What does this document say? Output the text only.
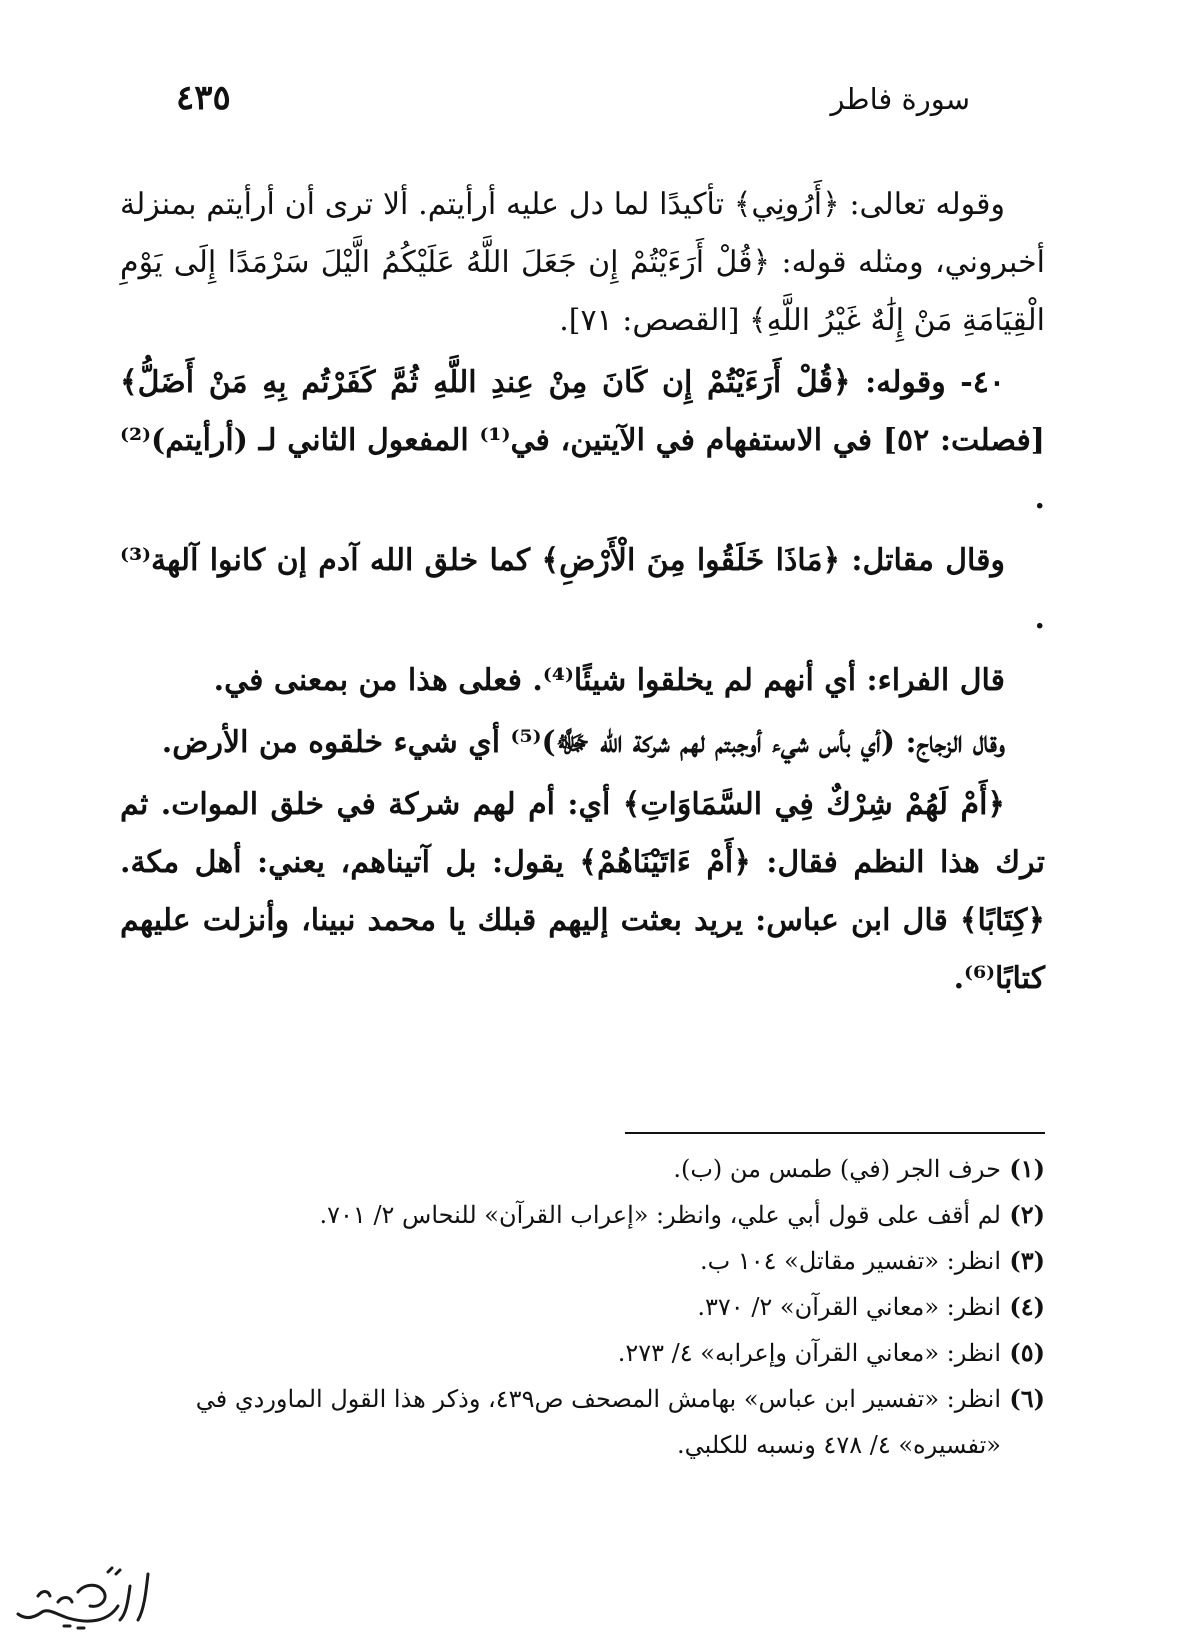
سورة فاطر
٤٣٥

وقوله تعالى: ﴿أَرُونِي﴾ تأكيدًا لما دل عليه أرأيتم. ألا ترى أن أرأيتم بمنزلة أخبروني، ومثله قوله: ﴿قُلْ أَرَءَيْتُمْ إِن جَعَلَ اللَّهُ عَلَيْكُمُ الَّيْلَ سَرْمَدًا إِلَى يَوْمِ الْقِيَامَةِ مَنْ إِلَٰهٌ غَيْرُ اللَّهِ﴾ [القصص: ٧١].

٤٠- وقوله: ﴿قُلْ أَرَءَيْتُمْ إِن كَانَ مِنْ عِندِ اللَّهِ ثُمَّ كَفَرْتُم بِهِ مَنْ أَضَلُّ﴾ [فصلت: ٥٢] في الاستفهام في الآيتين، في⁽¹⁾ المفعول الثاني لـ (أرأيتم)⁽²⁾ .

وقال مقاتل: ﴿مَاذَا خَلَقُوا مِنَ الْأَرْضِ﴾ كما خلق الله آدم إن كانوا آلهة⁽³⁾ .

قال الفراء: أي أنهم لم يخلقوا شيئًا⁽⁴⁾. فعلى هذا من بمعنى في.

وقال الزجاج: (أي بأس شيء أوجبتم لهم شركة الله ﷻ)⁽⁵⁾ أي شيء خلقوه من الأرض.

﴿أَمْ لَهُمْ شِرْكٌ فِي السَّمَاوَاتِ﴾ أي: أم لهم شركة في خلق الموات. ثم ترك هذا النظم فقال: ﴿أَمْ ءَاتَيْنَاهُمْ﴾ يقول: بل آتيناهم، يعني: أهل مكة. ﴿كِتَابًا﴾ قال ابن عباس: يريد بعثت إليهم قبلك يا محمد نبينا، وأنزلت عليهم كتابًا⁽⁶⁾.

(١)
حرف الجر (في) طمس من (ب).
(٢)
لم أقف على قول أبي علي، وانظر: «إعراب القرآن» للنحاس ٢/ ٧٠١.
(٣)
انظر: «تفسير مقاتل» ١٠٤ ب.
(٤)
انظر: «معاني القرآن» ٢/ ٣٧٠.
(٥)
انظر: «معاني القرآن وإعرابه» ٤/ ٢٧٣.
(٦)
انظر: «تفسير ابن عباس» بهامش المصحف ص٤٣٩، وذكر هذا القول الماوردي في «تفسيره» ٤/ ٤٧٨ ونسبه للكلبي.
